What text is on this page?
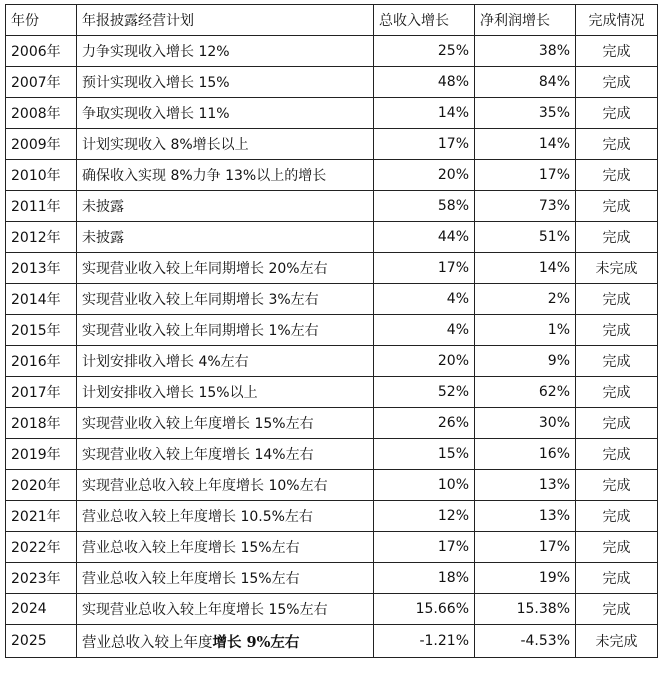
年份	年报披露经营计划	总收入增长	净利润增长	完成情况
2006年	力争实现收入增长 12%	25%	38%	完成
2007年	预计实现收入增长 15%	48%	84%	完成
2008年	争取实现收入增长 11%	14%	35%	完成
2009年	计划实现收入 8%增长以上	17%	14%	完成
2010年	确保收入实现 8%力争 13%以上的增长	20%	17%	完成
2011年	未披露	58%	73%	完成
2012年	未披露	44%	51%	完成
2013年	实现营业收入较上年同期增长 20%左右	17%	14%	未完成
2014年	实现营业收入较上年同期增长 3%左右	4%	2%	完成
2015年	实现营业收入较上年同期增长 1%左右	4%	1%	完成
2016年	计划安排收入增长 4%左右	20%	9%	完成
2017年	计划安排收入增长 15%以上	52%	62%	完成
2018年	实现营业收入较上年度增长 15%左右	26%	30%	完成
2019年	实现营业收入较上年度增长 14%左右	15%	16%	完成
2020年	实现营业总收入较上年度增长 10%左右	10%	13%	完成
2021年	营业总收入较上年度增长 10.5%左右	12%	13%	完成
2022年	营业总收入较上年度增长 15%左右	17%	17%	完成
2023年	营业总收入较上年度增长 15%左右	18%	19%	完成
2024	实现营业总收入较上年度增长 15%左右	15.66%	15.38%	完成
2025	营业总收入较上年度增长 9%左右	-1.21%	-4.53%	未完成
